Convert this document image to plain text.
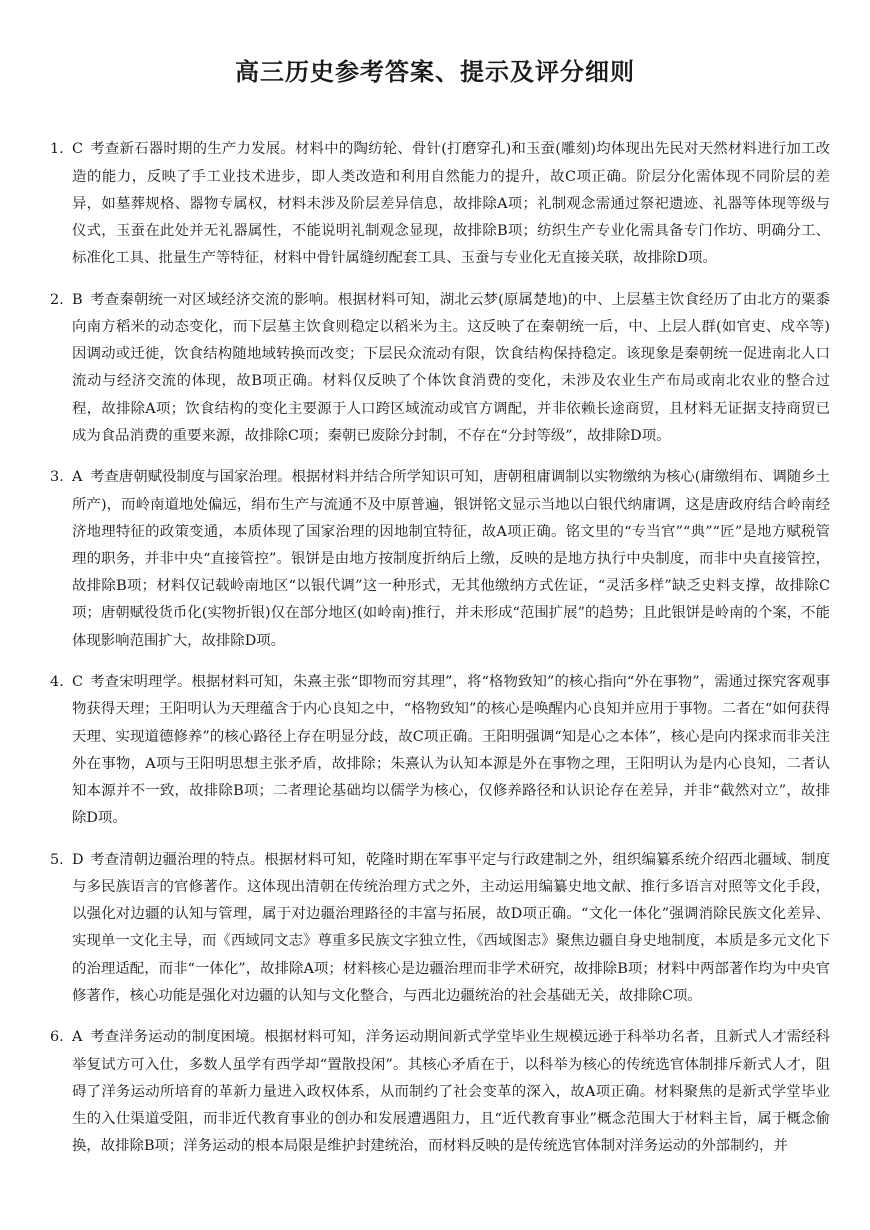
高三历史参考答案、提示及评分细则

1. C 考查新石器时期的生产力发展。材料中的陶纺轮、骨针(打磨穿孔)和玉蚕(雕刻)均体现出先民对天然材料进行加工改造的能力，反映了手工业技术进步，即人类改造和利用自然能力的提升，故C项正确。阶层分化需体现不同阶层的差异，如墓葬规格、器物专属权，材料未涉及阶层差异信息，故排除A项；礼制观念需通过祭祀遗迹、礼器等体现等级与仪式，玉蚕在此处并无礼器属性，不能说明礼制观念显现，故排除B项；纺织生产专业化需具备专门作坊、明确分工、标准化工具、批量生产等特征，材料中骨针属缝纫配套工具、玉蚕与专业化无直接关联，故排除D项。

2. B 考查秦朝统一对区域经济交流的影响。根据材料可知，湖北云梦(原属楚地)的中、上层墓主饮食经历了由北方的粟黍向南方稻米的动态变化，而下层墓主饮食则稳定以稻米为主。这反映了在秦朝统一后，中、上层人群(如官吏、戍卒等)因调动或迁徙，饮食结构随地域转换而改变；下层民众流动有限，饮食结构保持稳定。该现象是秦朝统一促进南北人口流动与经济交流的体现，故B项正确。材料仅反映了个体饮食消费的变化，未涉及农业生产布局或南北农业的整合过程，故排除A项；饮食结构的变化主要源于人口跨区域流动或官方调配，并非依赖长途商贸，且材料无证据支持商贸已成为食品消费的重要来源，故排除C项；秦朝已废除分封制，不存在“分封等级”，故排除D项。

3. A 考查唐朝赋役制度与国家治理。根据材料并结合所学知识可知，唐朝租庸调制以实物缴纳为核心(庸缴绢布、调随乡土所产)，而岭南道地处偏远，绢布生产与流通不及中原普遍，银饼铭文显示当地以白银代纳庸调，这是唐政府结合岭南经济地理特征的政策变通，本质体现了国家治理的因地制宜特征，故A项正确。铭文里的“专当官”“典”“匠”是地方赋税管理的职务，并非中央“直接管控”。银饼是由地方按制度折纳后上缴，反映的是地方执行中央制度，而非中央直接管控，故排除B项；材料仅记载岭南地区“以银代调”这一种形式，无其他缴纳方式佐证，“灵活多样”缺乏史料支撑，故排除C项；唐朝赋役货币化(实物折银)仅在部分地区(如岭南)推行，并未形成“范围扩展”的趋势；且此银饼是岭南的个案，不能体现影响范围扩大，故排除D项。

4. C 考查宋明理学。根据材料可知，朱熹主张“即物而穷其理”，将“格物致知”的核心指向“外在事物”，需通过探究客观事物获得天理；王阳明认为天理蕴含于内心良知之中，“格物致知”的核心是唤醒内心良知并应用于事物。二者在“如何获得天理、实现道德修养”的核心路径上存在明显分歧，故C项正确。王阳明强调“知是心之本体”，核心是向内探求而非关注外在事物，A项与王阳明思想主张矛盾，故排除；朱熹认为认知本源是外在事物之理，王阳明认为是内心良知，二者认知本源并不一致，故排除B项；二者理论基础均以儒学为核心，仅修养路径和认识论存在差异，并非“截然对立”，故排除D项。

5. D 考查清朝边疆治理的特点。根据材料可知，乾隆时期在军事平定与行政建制之外，组织编纂系统介绍西北疆域、制度与多民族语言的官修著作。这体现出清朝在传统治理方式之外，主动运用编纂史地文献、推行多语言对照等文化手段，以强化对边疆的认知与管理，属于对边疆治理路径的丰富与拓展，故D项正确。“文化一体化”强调消除民族文化差异、实现单一文化主导，而《西域同文志》尊重多民族文字独立性，《西域图志》聚焦边疆自身史地制度，本质是多元文化下的治理适配，而非“一体化”，故排除A项；材料核心是边疆治理而非学术研究，故排除B项；材料中两部著作均为中央官修著作，核心功能是强化对边疆的认知与文化整合，与西北边疆统治的社会基础无关，故排除C项。

6. A 考查洋务运动的制度困境。根据材料可知，洋务运动期间新式学堂毕业生规模远逊于科举功名者，且新式人才需经科举复试方可入仕，多数人虽学有西学却“置散投闲”。其核心矛盾在于，以科举为核心的传统选官体制排斥新式人才，阻碍了洋务运动所培育的革新力量进入政权体系，从而制约了社会变革的深入，故A项正确。材料聚焦的是新式学堂毕业生的入仕渠道受阻，而非近代教育事业的创办和发展遭遇阻力，且“近代教育事业”概念范围大于材料主旨，属于概念偷换，故排除B项；洋务运动的根本局限是维护封建统治，而材料反映的是传统选官体制对洋务运动的外部制约，并
